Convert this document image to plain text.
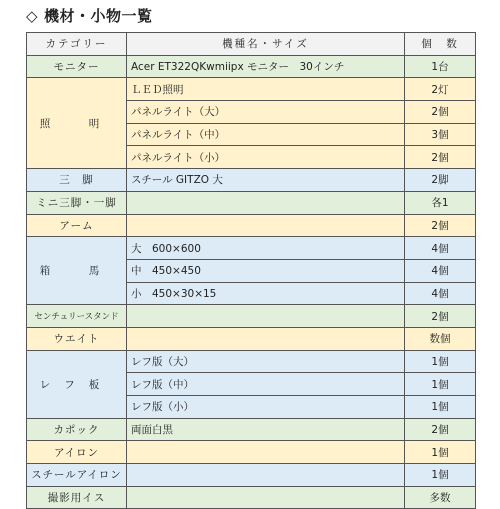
◇ 機材・小物一覧
カテゴリー	機種名・サイズ	個　数
モニター	Acer ET322QKwmiipx モニター　30インチ	1台
照　明	ＬＥＤ照明	2灯
	パネルライト（大）	2個
	パネルライト（中）	3個
	パネルライト（小）	2個
三　脚	スチール GITZO 大	2脚
ミニ三脚・一脚		各1
アーム		2個
箱　馬	大　600×600	4個
	中　450×450	4個
	小　450×30×15	4個
センチュリースタンド		2個
ウエイト		数個
レフ板	レフ版（大）	1個
	レフ版（中）	1個
	レフ版（小）	1個
カポック	両面白黒	2個
アイロン		1個
スチールアイロン		1個
撮影用イス		多数
